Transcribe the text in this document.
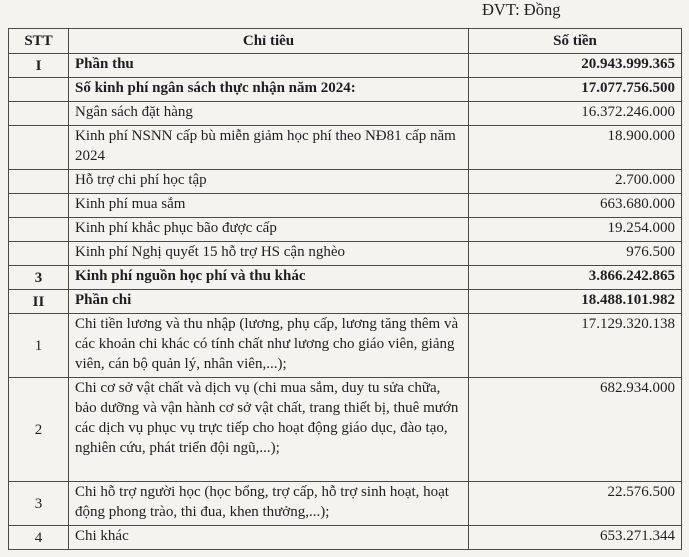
ĐVT: Đồng
STT	Chỉ tiêu	Số tiền
I	Phần thu	20.943.999.365
	Số kinh phí ngân sách thực nhận năm 2024:	17.077.756.500
	Ngân sách đặt hàng	16.372.246.000
	Kinh phí NSNN cấp bù miễn giảm học phí theo NĐ81 cấp năm 2024	18.900.000
	Hỗ trợ chi phí học tập	2.700.000
	Kinh phí mua sắm	663.680.000
	Kinh phí khắc phục bão được cấp	19.254.000
	Kinh phí Nghị quyết 15 hỗ trợ HS cận nghèo	976.500
3	Kinh phí nguồn học phí và thu khác	3.866.242.865
II	Phần chi	18.488.101.982
1	Chi tiền lương và thu nhập (lương, phụ cấp, lương tăng thêm và các khoản chi khác có tính chất như lương cho giáo viên, giảng viên, cán bộ quản lý, nhân viên,...);	17.129.320.138
2	Chi cơ sở vật chất và dịch vụ (chi mua sắm, duy tu sửa chữa, bảo dưỡng và vận hành cơ sở vật chất, trang thiết bị, thuê mướn các dịch vụ phục vụ trực tiếp cho hoạt động giáo dục, đào tạo, nghiên cứu, phát triển đội ngũ,...);	682.934.000
3	Chi hỗ trợ người học (học bổng, trợ cấp, hỗ trợ sinh hoạt, hoạt động phong trào, thi đua, khen thưởng,...);	22.576.500
4	Chi khác	653.271.344
